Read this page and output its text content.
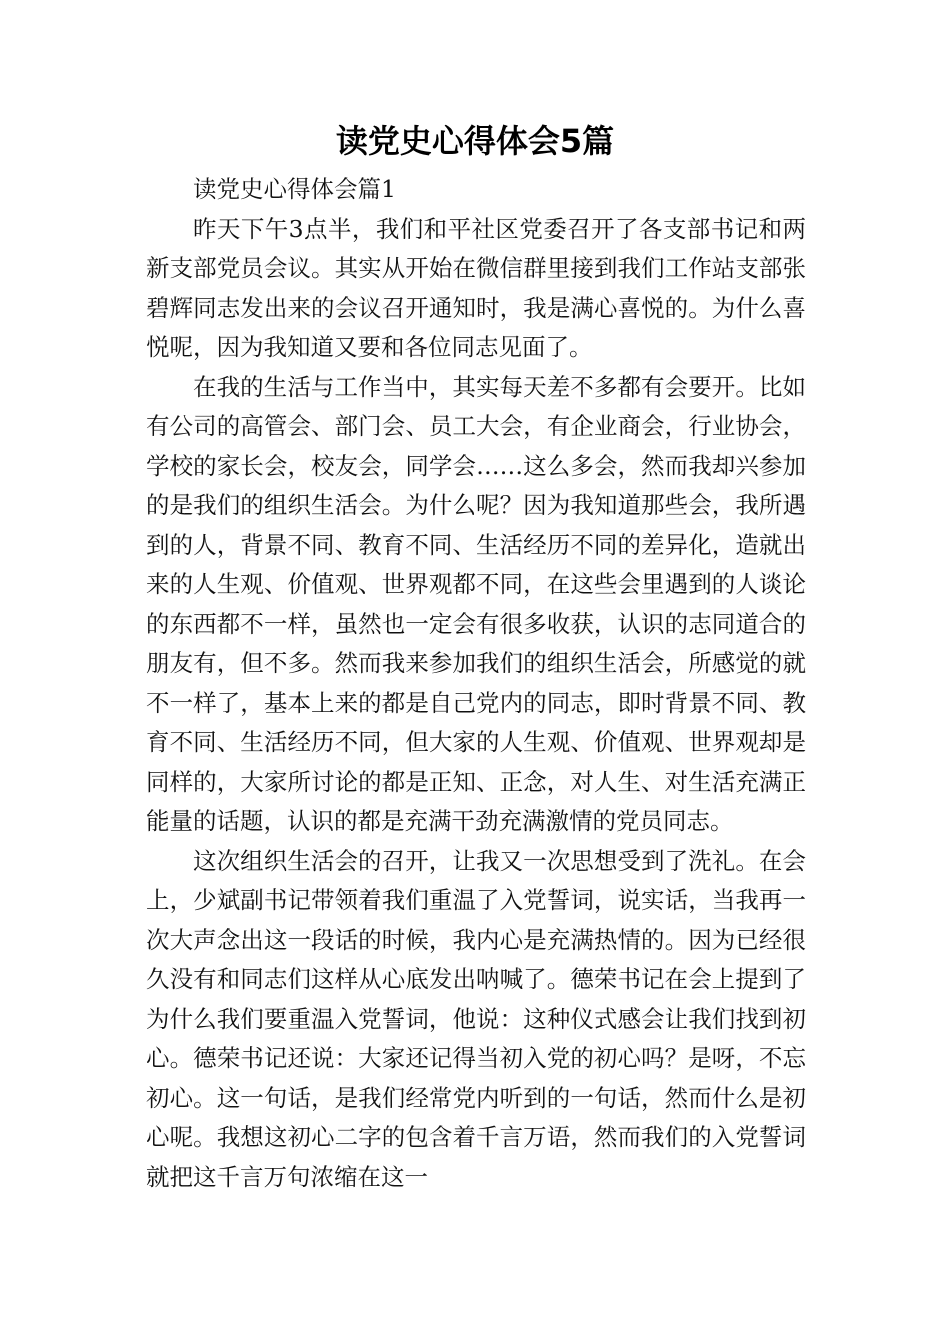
读党史心得体会5篇

读党史心得体会篇1

昨天下午3点半，我们和平社区党委召开了各支部书记和两新支部党员会议。其实从开始在微信群里接到我们工作站支部张碧辉同志发出来的会议召开通知时，我是满心喜悦的。为什么喜悦呢，因为我知道又要和各位同志见面了。

在我的生活与工作当中，其实每天差不多都有会要开。比如有公司的高管会、部门会、员工大会，有企业商会，行业协会，学校的家长会，校友会，同学会……这么多会，然而我却兴参加的是我们的组织生活会。为什么呢？因为我知道那些会，我所遇到的人，背景不同、教育不同、生活经历不同的差异化，造就出来的人生观、价值观、世界观都不同，在这些会里遇到的人谈论的东西都不一样，虽然也一定会有很多收获，认识的志同道合的朋友有，但不多。然而我来参加我们的组织生活会，所感觉的就不一样了，基本上来的都是自己党内的同志，即时背景不同、教育不同、生活经历不同，但大家的人生观、价值观、世界观却是同样的，大家所讨论的都是正知、正念，对人生、对生活充满正能量的话题，认识的都是充满干劲充满激情的党员同志。

这次组织生活会的召开，让我又一次思想受到了洗礼。在会上，少斌副书记带领着我们重温了入党誓词，说实话，当我再一次大声念出这一段话的时候，我内心是充满热情的。因为已经很久没有和同志们这样从心底发出呐喊了。德荣书记在会上提到了为什么我们要重温入党誓词，他说：这种仪式感会让我们找到初心。德荣书记还说：大家还记得当初入党的初心吗？是呀，不忘初心。这一句话，是我们经常党内听到的一句话，然而什么是初心呢。我想这初心二字的包含着千言万语，然而我们的入党誓词就把这千言万句浓缩在这一
